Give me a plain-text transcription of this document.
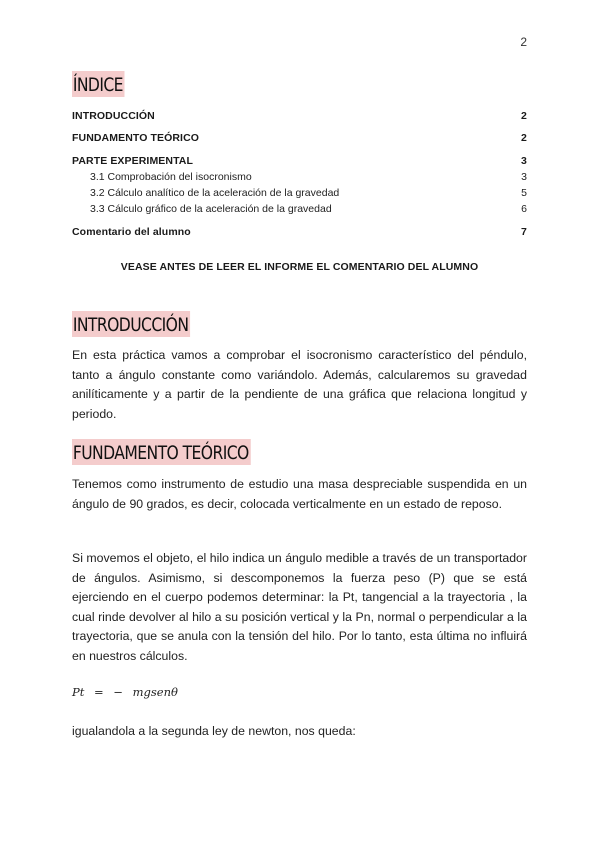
2
ÍNDICE
INTRODUCCIÓN	2
FUNDAMENTO TEÓRICO	2
PARTE EXPERIMENTAL	3
3.1 Comprobación del isocronismo	3
3.2 Cálculo analítico de la aceleración de la gravedad	5
3.3 Cálculo gráfico de la aceleración de la gravedad	6
Comentario del alumno	7
VEASE ANTES DE LEER EL INFORME EL COMENTARIO DEL ALUMNO
INTRODUCCIÓN
En esta práctica vamos a comprobar el isocronismo característico del péndulo, tanto a ángulo constante como variándolo. Además, calcularemos su gravedad anilíticamente y a partir de la pendiente de una gráfica que relaciona longitud y periodo.
FUNDAMENTO TEÓRICO
Tenemos como instrumento de estudio una masa despreciable suspendida en un ángulo de 90 grados, es decir, colocada verticalmente en un estado de reposo.
Si movemos el objeto, el hilo indica un ángulo medible a través de un transportador de ángulos. Asimismo, si descomponemos la fuerza peso (P) que se está ejerciendo en el cuerpo podemos determinar: la Pt, tangencial a la trayectoria , la cual rinde devolver al hilo a su posición vertical y la Pn, normal o perpendicular a la trayectoria, que se anula con la tensión del hilo. Por lo tanto, esta última no influirá en nuestros cálculos.
Pt = − mgsenθ
igualandola a la segunda ley de newton, nos queda:
